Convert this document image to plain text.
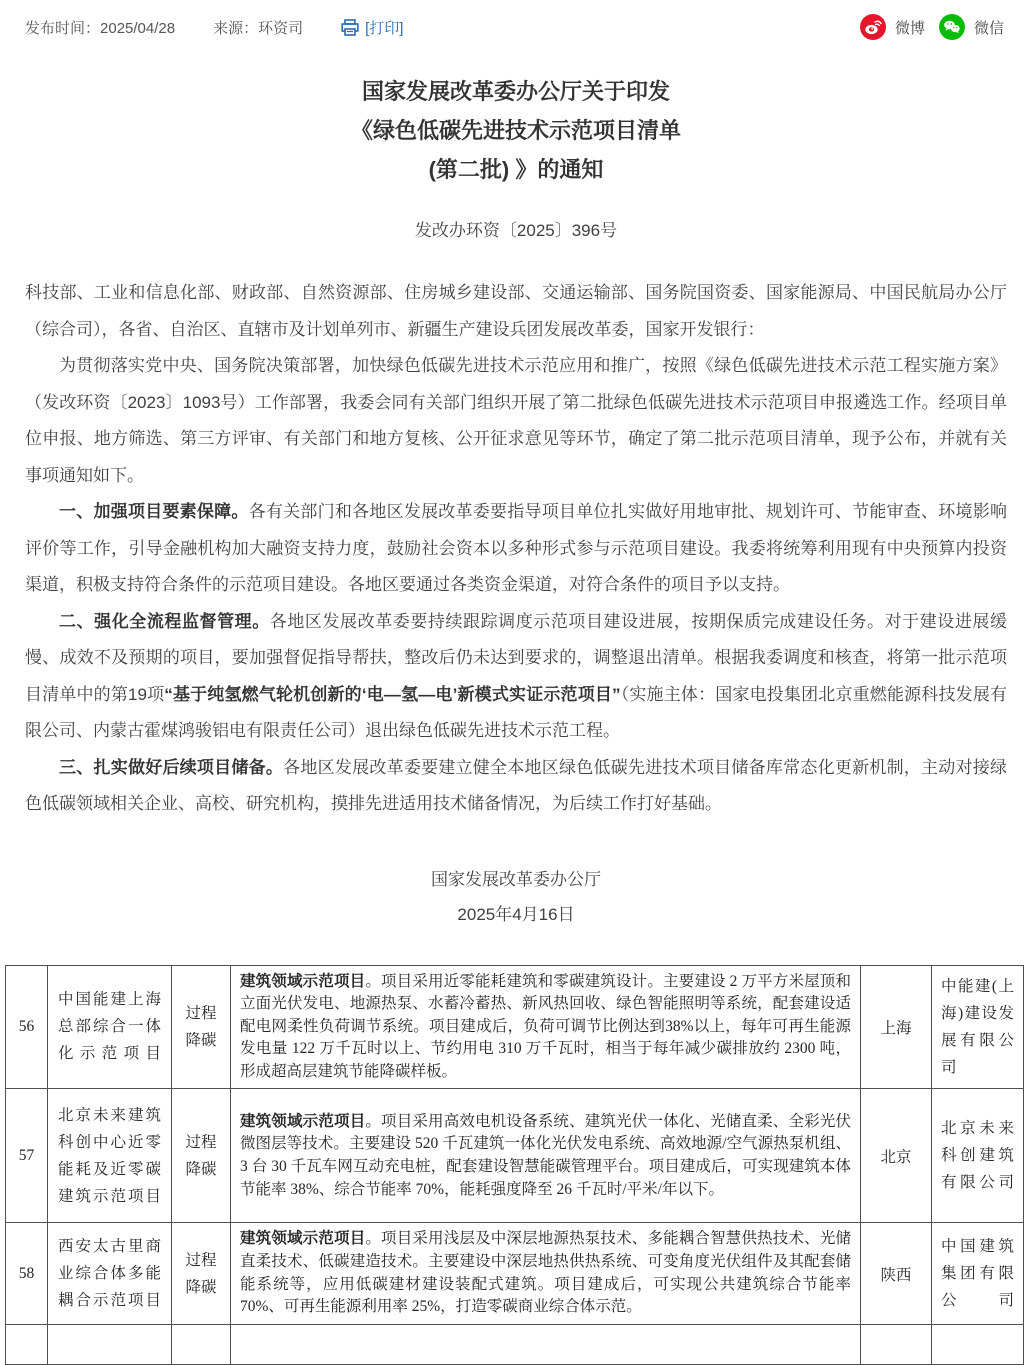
发布时间：2025/04/28	来源：环资司	[打印]	微博	微信
国家发展改革委办公厅关于印发
《绿色低碳先进技术示范项目清单
(第二批) 》的通知
发改办环资〔2025〕396号

科技部、工业和信息化部、财政部、自然资源部、住房城乡建设部、交通运输部、国务院国资委、国家能源局、中国民航局办公厅（综合司），各省、自治区、直辖市及计划单列市、新疆生产建设兵团发展改革委，国家开发银行：

为贯彻落实党中央、国务院决策部署，加快绿色低碳先进技术示范应用和推广，按照《绿色低碳先进技术示范工程实施方案》（发改环资〔2023〕1093号）工作部署，我委会同有关部门组织开展了第二批绿色低碳先进技术示范项目申报遴选工作。经项目单位申报、地方筛选、第三方评审、有关部门和地方复核、公开征求意见等环节，确定了第二批示范项目清单，现予公布，并就有关事项通知如下。

一、加强项目要素保障。各有关部门和各地区发展改革委要指导项目单位扎实做好用地审批、规划许可、节能审查、环境影响评价等工作，引导金融机构加大融资支持力度，鼓励社会资本以多种形式参与示范项目建设。我委将统筹利用现有中央预算内投资渠道，积极支持符合条件的示范项目建设。各地区要通过各类资金渠道，对符合条件的项目予以支持。

二、强化全流程监督管理。各地区发展改革委要持续跟踪调度示范项目建设进展，按期保质完成建设任务。对于建设进展缓慢、成效不及预期的项目，要加强督促指导帮扶，整改后仍未达到要求的，调整退出清单。根据我委调度和核查，将第一批示范项目清单中的第19项“基于纯氢燃气轮机创新的‘电—氢—电’新模式实证示范项目”（实施主体：国家电投集团北京重燃能源科技发展有限公司、内蒙古霍煤鸿骏铝电有限责任公司）退出绿色低碳先进技术示范工程。

三、扎实做好后续项目储备。各地区发展改革委要建立健全本地区绿色低碳先进技术项目储备库常态化更新机制，主动对接绿色低碳领域相关企业、高校、研究机构，摸排先进适用技术储备情况，为后续工作打好基础。

国家发展改革委办公厅
2025年4月16日
56	中国能建上海总部综合一体化示范项目	过程降碳	建筑领域示范项目。项目采用近零能耗建筑和零碳建筑设计。主要建设 2 万平方米屋顶和立面光伏发电、地源热泵、水蓄冷蓄热、新风热回收、绿色智能照明等系统，配套建设适配电网柔性负荷调节系统。项目建成后，负荷可调节比例达到38%以上，每年可再生能源发电量 122 万千瓦时以上、节约用电 310 万千瓦时，相当于每年减少碳排放约 2300 吨，形成超高层建筑节能降碳样板。	上海	中能建(上海)建设发展有限公司
57	北京未来建筑科创中心近零能耗及近零碳建筑示范项目	过程降碳	建筑领域示范项目。项目采用高效电机设备系统、建筑光伏一体化、光储直柔、全彩光伏微图层等技术。主要建设 520 千瓦建筑一体化光伏发电系统、高效地源/空气源热泵机组、3 台 30 千瓦车网互动充电桩，配套建设智慧能碳管理平台。项目建成后，可实现建筑本体节能率 38%、综合节能率 70%，能耗强度降至 26 千瓦时/平米/年以下。	北京	北京未来科创建筑有限公司
58	西安太古里商业综合体多能耦合示范项目	过程降碳	建筑领域示范项目。项目采用浅层及中深层地源热泵技术、多能耦合智慧供热技术、光储直柔技术、低碳建造技术。主要建设中深层地热供热系统、可变角度光伏组件及其配套储能系统等，应用低碳建材建设装配式建筑。项目建成后，可实现公共建筑综合节能率 70%、可再生能源利用率 25%，打造零碳商业综合体示范。	陕西	中国建筑集团有限公司
